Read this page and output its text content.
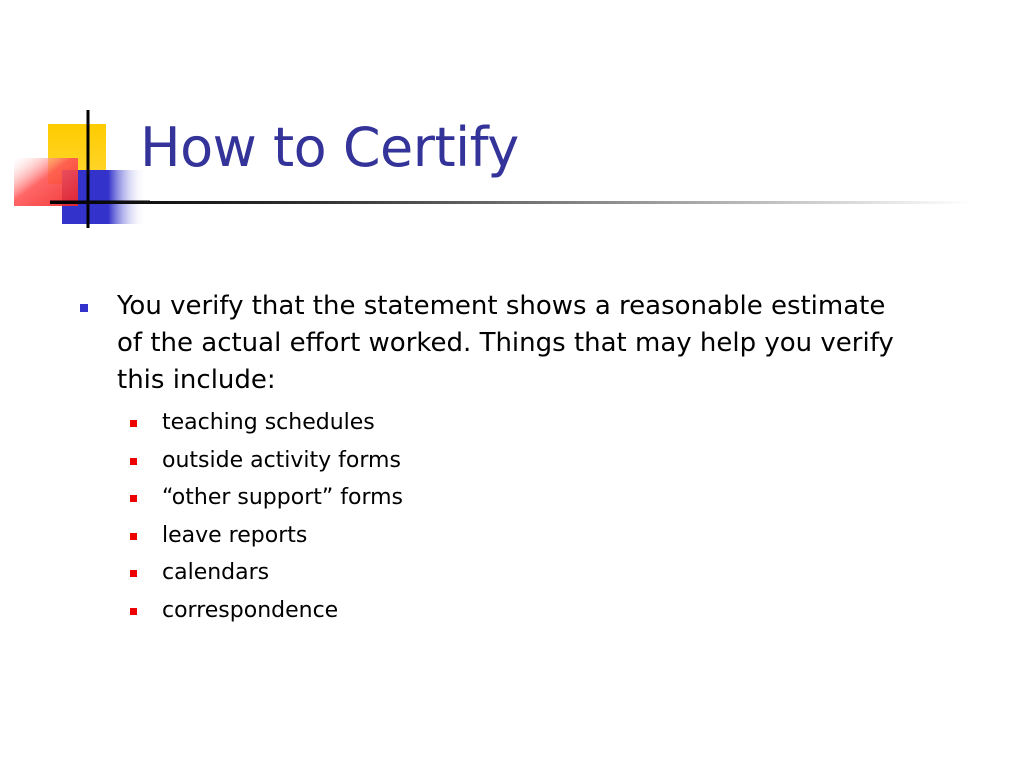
How to Certify
You verify that the statement shows a reasonable estimate of the actual effort worked. Things that may help you verify this include:
teaching schedules
outside activity forms
“other support” forms
leave reports
calendars
correspondence
